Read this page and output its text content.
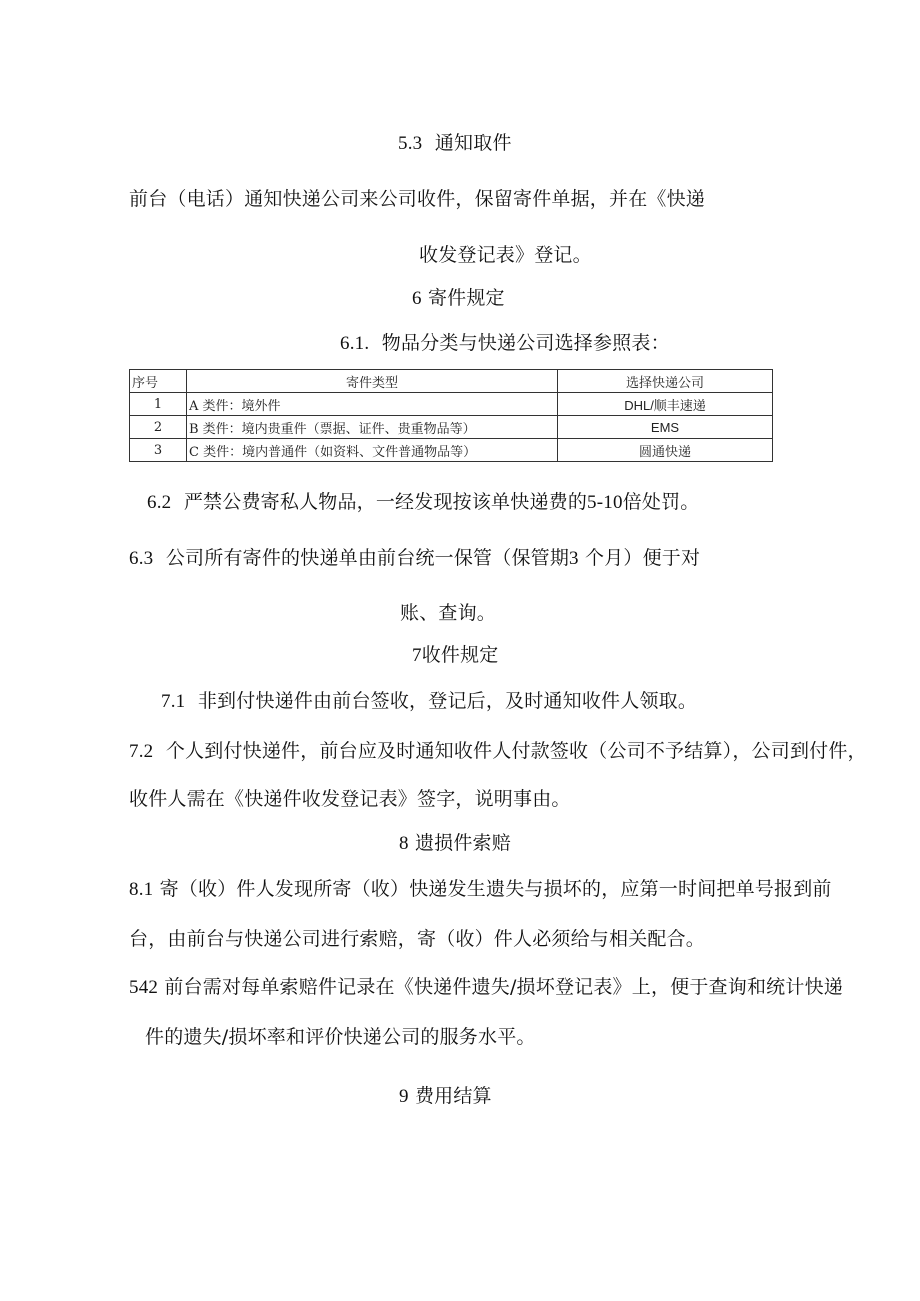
5.3 通知取件
前台（电话）通知快递公司来公司收件，保留寄件单据，并在《快递
收发登记表》登记。
6 寄件规定
6.1. 物品分类与快递公司选择参照表：
序号	寄件类型	选择快递公司
1	A 类件：境外件	DHL/顺丰速递
2	B 类件：境内贵重件（票据、证件、贵重物品等）	EMS
3	C 类件：境内普通件（如资料、文件普通物品等）	圆通快递
6.2 严禁公费寄私人物品，一经发现按该单快递费的5-10倍处罚。
6.3 公司所有寄件的快递单由前台统一保管（保管期3 个月）便于对
账、查询。
7收件规定
7.1 非到付快递件由前台签收，登记后，及时通知收件人领取。
7.2 个人到付快递件，前台应及时通知收件人付款签收（公司不予结算），公司到付件，
收件人需在《快递件收发登记表》签字，说明事由。
8 遗损件索赔
8.1 寄（收）件人发现所寄（收）快递发生遗失与损坏的，应第一时间把单号报到前
台，由前台与快递公司进行索赔，寄（收）件人必须给与相关配合。
542 前台需对每单索赔件记录在《快递件遗失/损坏登记表》上，便于查询和统计快递
件的遗失/损坏率和评价快递公司的服务水平。
9 费用结算
